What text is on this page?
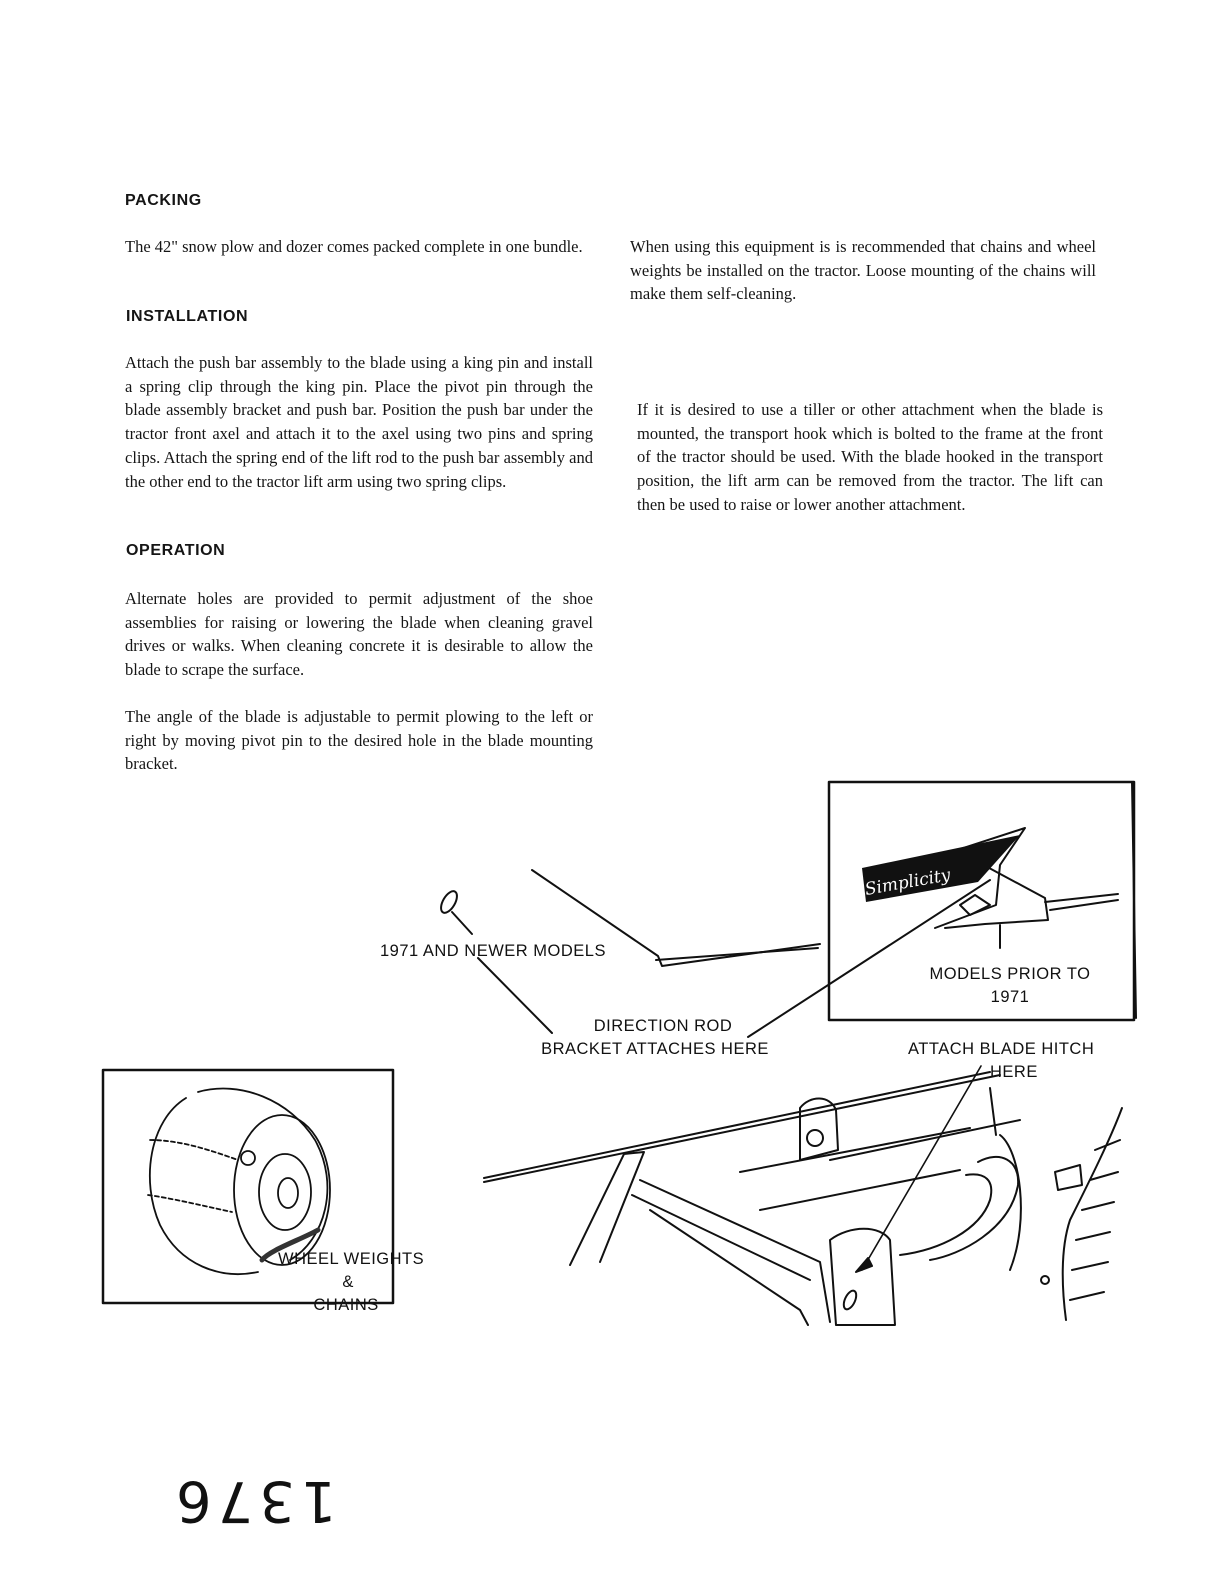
PACKING

The 42" snow plow and dozer comes packed complete in one bundle.

INSTALLATION

Attach the push bar assembly to the blade using a king pin and install a spring clip through the king pin. Place the pivot pin through the blade assembly bracket and push bar. Position the push bar under the tractor front axel and attach it to the axel using two pins and spring clips. Attach the spring end of the lift rod to the push bar assembly and the other end to the tractor lift arm using two spring clips.

OPERATION

Alternate holes are provided to permit adjustment of the shoe assemblies for raising or lowering the blade when cleaning gravel drives or walks. When cleaning concrete it is desirable to allow the blade to scrape the surface.

The angle of the blade is adjustable to permit plowing to the left or right by moving pivot pin to the desired hole in the blade mounting bracket.

When using this equipment is is recommended that chains and wheel weights be installed on the tractor. Loose mounting of the chains will make them self-cleaning.

If it is desired to use a tiller or other attachment when the blade is mounted, the transport hook which is bolted to the frame at the front of the tractor should be used. With the blade hooked in the transport position, the lift arm can be removed from the tractor. The lift can then be used to raise or lower another attachment.

Simplicity
1971 AND NEWER MODELS
MODELS PRIOR TO 1971
DIRECTION ROD
BRACKET ATTACHES HERE	ATTACH BLADE HITCH
HERE
WHEEL WEIGHTS
&
CHAINS
1376
